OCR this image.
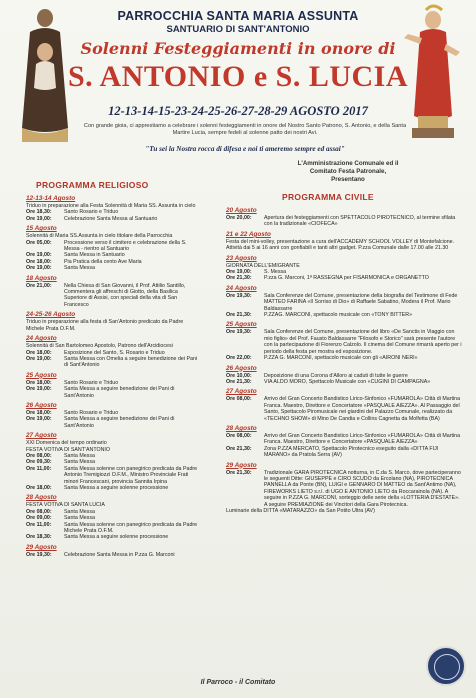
PARROCCHIA SANTA MARIA ASSUNTA
SANTUARIO DI SANT'ANTONIO
Solenni Festeggiamenti in onore di
S. ANTONIO e S. LUCIA
12-13-14-15-23-24-25-26-27-28-29 AGOSTO 2017
Con grande gioia, ci apprestiamo a celebrare i solenni festeggiamenti in onore del Nostro Santo Patrono, S. Antonio, e della Santa Martire Lucia, sempre fedeli al solenne patto dei nostri Avi.
"Tu sei la Nostra rocca di difesa e noi ti ameremo sempre ed assai"
L'Amministrazione Comunale ed il
Comitato Festa Patronale,
Presentano
PROGRAMMA RELIGIOSO
PROGRAMMA CIVILE
12-13-14 Agosto
Triduo in preparazione alla Festa Solennità di Maria SS. Assunta in cielo
Ore 18,30:	Santo Rosario e Triduo
Ore 19,00:	Celebrazione Santa Messa al Santuario
15 Agosto
Solennità di Maria SS.Assunta in cielo titolare della Parrocchia
Ore 05,00:	Processione verso il cimitero e celebrazione della S. Messa - rientro al Santuario
Ore 19,00:	Santa Messa in Santuario
Ore 18,00:	Pia Pratica della cento Ave Maria
Ore 19,00:	Santa Messa
18 Agosto
Ore 21,00:	Nella Chiesa di San Giovanni, il Prof. Attilio Santillo, Commentera gli affreschi di Giotto, della Basilica Superiore di Assisi, con speciali della vita di San Francesco
24-25-26 Agosto
Triduo in preparazione alla festa di San'Antonio predicato da Padre Michele Prata O.F.M.
24 Agosto
Solennità di San Bartolomeo Apostolo, Patrono dell'Arcidiocesi
Ore 18,00:	Esposizione del Santo, S. Rosario e Triduo
Ore 19,00:	Santa Messa con Omelia a seguire benedizione dei Pani di Sant'Antonio
25 Agosto
Ore 18,00:	Santo Rosario e Triduo
Ore 19,00:	Santa Messa a seguire benedizione dei Pani di Sant'Antonio
26 Agosto
Ore 18,00:	Santo Rosario e Triduo
Ore 19,00:	Santa Messa a seguire benedizione dei Pani di Sant'Antonio
27 Agosto
XXI Domenica del tempo ordinario
FESTA VOTIVA DI SANT'ANTONIO
Ore 08,00:	Santa Messa
Ore 09,30:	Santa Messa
Ore 11,00:	Santa Messa solenne con panegirico predicata da Padre Antonio Tremigiozzi O.F.M., Ministro Provinciale Frati minori Francescani, provincia Sannita Irpina
Ore 18,00:	Santa Messa a seguire solenne processione
28 Agosto
FESTA VOTIVA DI SANTA LUCIA
Ore 08,00:	Santa Messa
Ore 09,00:	Santa Messa
Ore 11,00:	Santa Messa solenne con panegirico predicata da Padre Michele Prata O.F.M.
Ore 18,30:	Santa Messa a seguire solenne processione
29 Agosto
Ore 19,30:	Celebrazione Santa Messa in P.zza G. Marconi
20 Agosto
Ore 20,00:	Apertura dei festeggiamenti con SPETTACOLO PIROTECNICO, al termine sfilata con la tradizionale «CIOFECA»
21 e 22 Agosto
Festa del mini-volley, presentazione a cura dell'ACCADEMY SCHOOL VOLLEY di Montefalcione. Attività dai 5 ai 16 anni con gonfiabili e tanti altri gadget. P.zza Comunale dalle 17.00 alle 21.30
23 Agosto
GIORNATA DELL'EMIGRANTE
Ore 19,00:	S. Messa
Ore 21,30:	P.zza G. Marconi, 1ª RASSEGNA per FISARMONICA e ORGANETTO
24 Agosto
Ore 19,30:	Sala Conferenze del Comune, presentazione della biografia del Testimone di Fede MATTEO FARINA «Il Sorriso di Dio» di Raffaele Sabatino, Modera il Prof. Mario Baldassarre
Ore 21,30:	P.ZZAG. MARCONI, spettacolo musicale con «TONY BITTER»
25 Agosto
Ore 19,30:	Sala Conferenze del Comune, presentazione del libro «De Sanctis in Viaggio con mio figlio» del Prof. Fausto Baldassarre "Filosofo e Storico" sarà presente l'autore con la partecipazione di Fiorenzo Calzolo. Il cinema del Comune rimarrà aperto per i periodo della festa per mostra ed esposizione.
Ore 22,00:	P.ZZA G. MARCONI, spettacolo musicale con gli «AIRONI NERI»
26 Agosto
Ore 10,00:	Deposizione di una Corona d'Alloro ai caduti di tutte le guerre
Ore 21,30:	VIA ALDO MORO, Spettacolo Musicale con «CUGINI DI CAMPAGNA»
27 Agosto
Ore 08,00:	Arrivo del Gran Concerto Bandistico Lirico-Sinfonico «FUMAROLA» Città di Martina Franca. Maestro, Direttore e Concertatore «PASQUALE AIEZZA». Al Passaggio del Santo, Spettacolo Piromusicale nei giardini del Palazzo Comunale, realizzato da «TECHNO SHOW» di Mino De Candia e Collins Cagnetta da Molfetta (BA)
28 Agosto
Ore 08,00:	Arrivo del Gran Concerto Bandistico Lirico-Sinfonico «FUMAROLA» Città di Martina Franca. Maestro, Direttore e Concertatore «PASQUALE AIEZZA»
Ore 21,30:	Zona P.ZZA MERCATO, Spettacolo Pirotecnico eseguito dalla «DITTA FIJI MARANO» da Pratola Serra (AV)
29 Agosto
Ore 21,30:	Tradizionale GARA PIROTECNICA notturna, in C.da S. Marco, dove parteciperanno le seguenti Ditte: GIUSEPPE e CIRO SCUDO da Ercolano (NA), PIROTECNICA PANNELLA da Ponte (BN), LUIGI e GENNARO DI MATTEO da Sant'Antimo (NA), FIREWORKS LIETO s.r.l. di UGO E ANTONIO LIETO da Roccarainola (NA). A seguire in P.ZZA G. MARCONI, sorteggio delle serie della «LOTTERIA D'ESTATE». A seguire PREMIAZIONE dei Vincitori della Gara Pirotecnica.
Luminarie della DITTA «MATARAZZO» da San Potito Ultra (AV)
Il Parroco - il Comitato
